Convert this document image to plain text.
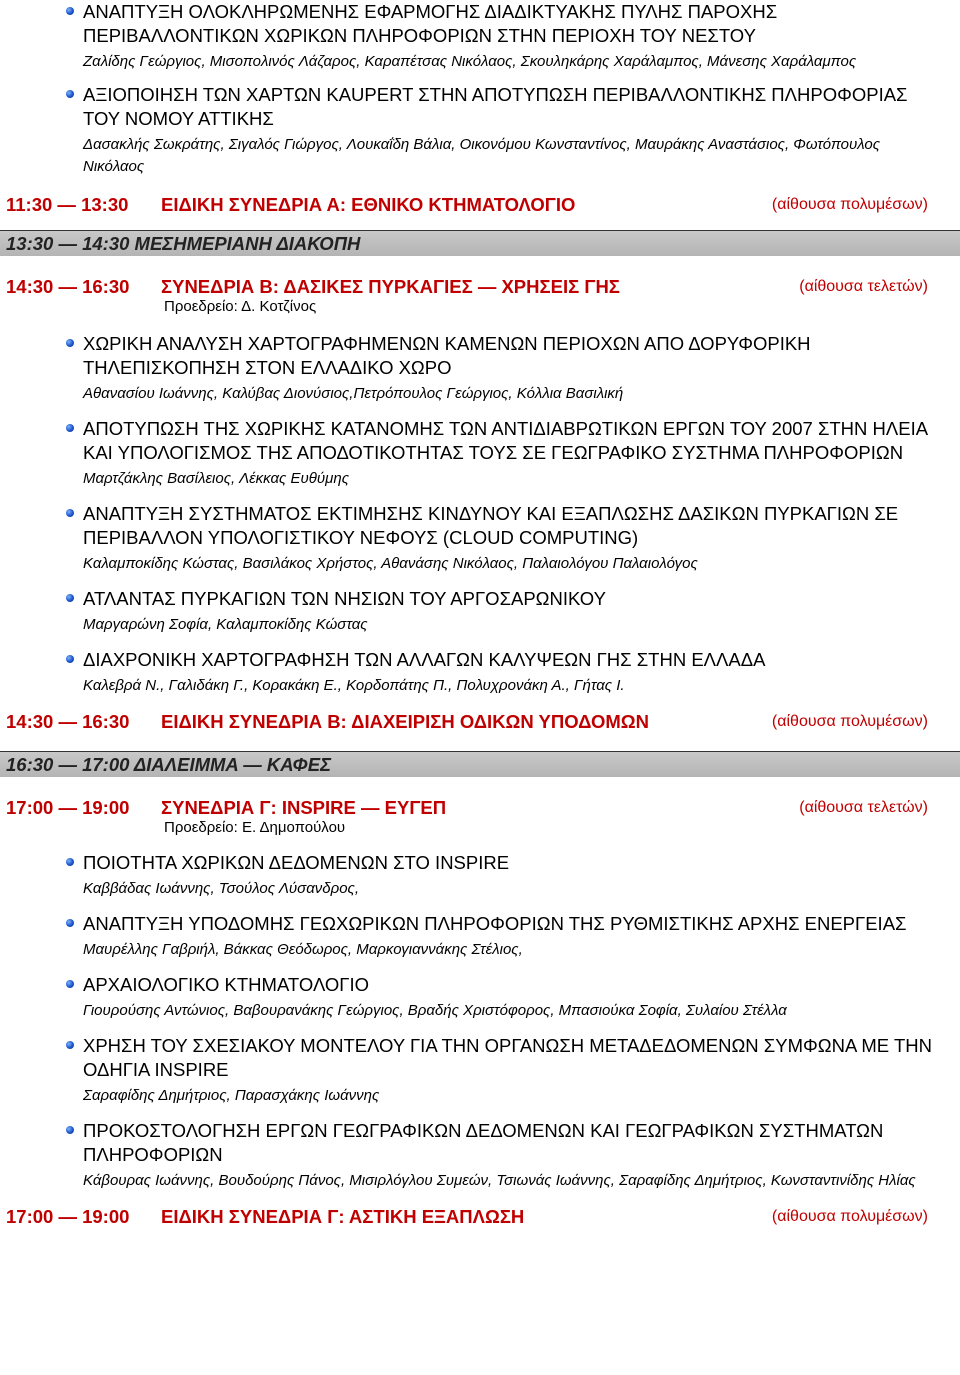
ΑΝΑΠΤΥΞΗ ΟΛΟΚΛΗΡΩΜΕΝΗΣ ΕΦΑΡΜΟΓΗΣ ΔΙΑΔΙΚΤΥΑΚΗΣ ΠΥΛΗΣ ΠΑΡΟΧΗΣ ΠΕΡΙΒΑΛΛΟΝΤΙΚΩΝ ΧΩΡΙΚΩΝ ΠΛΗΡΟΦΟΡΙΩΝ ΣΤΗΝ ΠΕΡΙΟΧΗ ΤΟΥ ΝΕΣΤΟΥ
Ζαλίδης Γεώργιος, Μισοπολινός Λάζαρος, Καραπέτσας Νικόλαος, Σκουληκάρης Χαράλαμπος, Μάνεσης Χαράλαμπος
ΑΞΙΟΠΟΙΗΣΗ ΤΩΝ ΧΑΡΤΩΝ KAUPERT ΣΤΗΝ ΑΠΟΤΥΠΩΣΗ ΠΕΡΙΒΑΛΛΟΝΤΙΚΗΣ ΠΛΗΡΟΦΟΡΙΑΣ ΤΟΥ ΝΟΜΟΥ ΑΤΤΙΚΗΣ
Δασακλής Σωκράτης, Σιγαλός Γιώργος, Λουκαΐδη Βάλια, Οικονόμου Κωνσταντίνος, Μαυράκης Αναστάσιος, Φωτόπουλος Νικόλαος
11:30 — 13:30 ΕΙΔΙΚΗ ΣΥΝΕΔΡΙΑ Α: ΕΘΝΙΚΟ ΚΤΗΜΑΤΟΛΟΓΙΟ	(αίθουσα πολυμέσων)
13:30 — 14:30 ΜΕΣΗΜΕΡΙΑΝΗ ΔΙΑΚΟΠΗ
14:30 — 16:30 ΣΥΝΕΔΡΙΑ Β: ΔΑΣΙΚΕΣ ΠΥΡΚΑΓΙΕΣ — ΧΡΗΣΕΙΣ ΓΗΣ	(αίθουσα τελετών)
Προεδρείο: Δ. Κοτζίνος
ΧΩΡΙΚΗ ΑΝΑΛΥΣΗ ΧΑΡΤΟΓΡΑΦΗΜΕΝΩΝ ΚΑΜΕΝΩΝ ΠΕΡΙΟΧΩΝ ΑΠΟ ΔΟΡΥΦΟΡΙΚΗ ΤΗΛΕΠΙΣΚΟΠΗΣΗ ΣΤΟΝ ΕΛΛΑΔΙΚΟ ΧΩΡΟ
Αθανασίου Ιωάννης, Καλύβας Διονύσιος,Πετρόπουλος Γεώργιος, Κόλλια Βασιλική
ΑΠΟΤΥΠΩΣΗ ΤΗΣ ΧΩΡΙΚΗΣ ΚΑΤΑΝΟΜΗΣ ΤΩΝ ΑΝΤΙΔΙΑΒΡΩΤΙΚΩΝ ΕΡΓΩΝ ΤΟΥ 2007 ΣΤΗΝ ΗΛΕΙΑ ΚΑΙ ΥΠΟΛΟΓΙΣΜΟΣ ΤΗΣ ΑΠΟΔΟΤΙΚΟΤΗΤΑΣ ΤΟΥΣ ΣΕ ΓΕΩΓΡΑΦΙΚΟ ΣΥΣΤΗΜΑ ΠΛΗΡΟΦΟΡΙΩΝ
Μαρτζάκλης Βασίλειος, Λέκκας Ευθύμης
ΑΝΑΠΤΥΞΗ ΣΥΣΤΗΜΑΤΟΣ ΕΚΤΙΜΗΣΗΣ ΚΙΝΔΥΝΟΥ ΚΑΙ ΕΞΑΠΛΩΣΗΣ ΔΑΣΙΚΩΝ ΠΥΡΚΑΓΙΩΝ ΣΕ ΠΕΡΙΒΑΛΛΟΝ ΥΠΟΛΟΓΙΣΤΙΚΟΥ ΝΕΦΟΥΣ (CLOUD COMPUTING)
Καλαμποκίδης Κώστας, Βασιλάκος Χρήστος, Αθανάσης Νικόλαος, Παλαιολόγου Παλαιολόγος
ΑΤΛΑΝΤΑΣ ΠΥΡΚΑΓΙΩΝ ΤΩΝ ΝΗΣΙΩΝ ΤΟΥ ΑΡΓΟΣΑΡΩΝΙΚΟΥ
Μαργαρώνη Σοφία, Καλαμποκίδης Κώστας
ΔΙΑΧΡΟΝΙΚΗ ΧΑΡΤΟΓΡΑΦΗΣΗ ΤΩΝ ΑΛΛΑΓΩΝ ΚΑΛΥΨΕΩΝ ΓΗΣ ΣΤΗΝ ΕΛΛΑΔΑ
Καλεβρά Ν., Γαλιδάκη Γ., Κορακάκη Ε., Κορδοπάτης Π., Πολυχρονάκη Α., Γήτας Ι.
14:30 — 16:30 ΕΙΔΙΚΗ ΣΥΝΕΔΡΙΑ Β: ΔΙΑΧΕΙΡΙΣΗ ΟΔΙΚΩΝ ΥΠΟΔΟΜΩΝ	(αίθουσα πολυμέσων)
16:30 — 17:00 ΔΙΑΛΕΙΜΜΑ — ΚΑΦΕΣ
17:00 — 19:00 ΣΥΝΕΔΡΙΑ Γ: INSPIRE — ΕΥΓΕΠ	(αίθουσα τελετών)
Προεδρείο: Ε. Δημοπούλου
ΠΟΙΟΤΗΤΑ ΧΩΡΙΚΩΝ ΔΕΔΟΜΕΝΩΝ ΣΤΟ INSPIRE
Καββάδας Ιωάννης, Τσούλος Λύσανδρος,
ΑΝΑΠΤΥΞΗ ΥΠΟΔΟΜΗΣ ΓΕΩΧΩΡΙΚΩΝ ΠΛΗΡΟΦΟΡΙΩΝ ΤΗΣ ΡΥΘΜΙΣΤΙΚΗΣ ΑΡΧΗΣ ΕΝΕΡΓΕΙΑΣ
Μαυρέλλης Γαβριήλ, Βάκκας Θεόδωρος, Μαρκογιαννάκης Στέλιος,
ΑΡΧΑΙΟΛΟΓΙΚΟ ΚΤΗΜΑΤΟΛΟΓΙΟ
Γιουρούσης Αντώνιος, Βαβουρανάκης Γεώργιος, Βραδής Χριστόφορος, Μπασιούκα Σοφία, Συλαίου Στέλλα
ΧΡΗΣΗ ΤΟΥ ΣΧΕΣΙΑΚΟΥ ΜΟΝΤΕΛΟΥ ΓΙΑ ΤΗΝ ΟΡΓΑΝΩΣΗ ΜΕΤΑΔΕΔΟΜΕΝΩΝ ΣΥΜΦΩΝΑ ΜΕ ΤΗΝ ΟΔΗΓΙΑ INSPIRE
Σαραφίδης Δημήτριος, Παρασχάκης Ιωάννης
ΠΡΟΚΟΣΤΟΛΟΓΗΣΗ ΕΡΓΩΝ ΓΕΩΓΡΑΦΙΚΩΝ ΔΕΔΟΜΕΝΩΝ ΚΑΙ ΓΕΩΓΡΑΦΙΚΩΝ ΣΥΣΤΗΜΑΤΩΝ ΠΛΗΡΟΦΟΡΙΩΝ
Κάβουρας Ιωάννης, Βουδούρης Πάνος, Μισιρλόγλου Συμεών, Τσιωνάς Ιωάννης, Σαραφίδης Δημήτριος, Κωνσταντινίδης Ηλίας
17:00 — 19:00 ΕΙΔΙΚΗ ΣΥΝΕΔΡΙΑ Γ: ΑΣΤΙΚΗ ΕΞΑΠΛΩΣΗ	(αίθουσα πολυμέσων)
